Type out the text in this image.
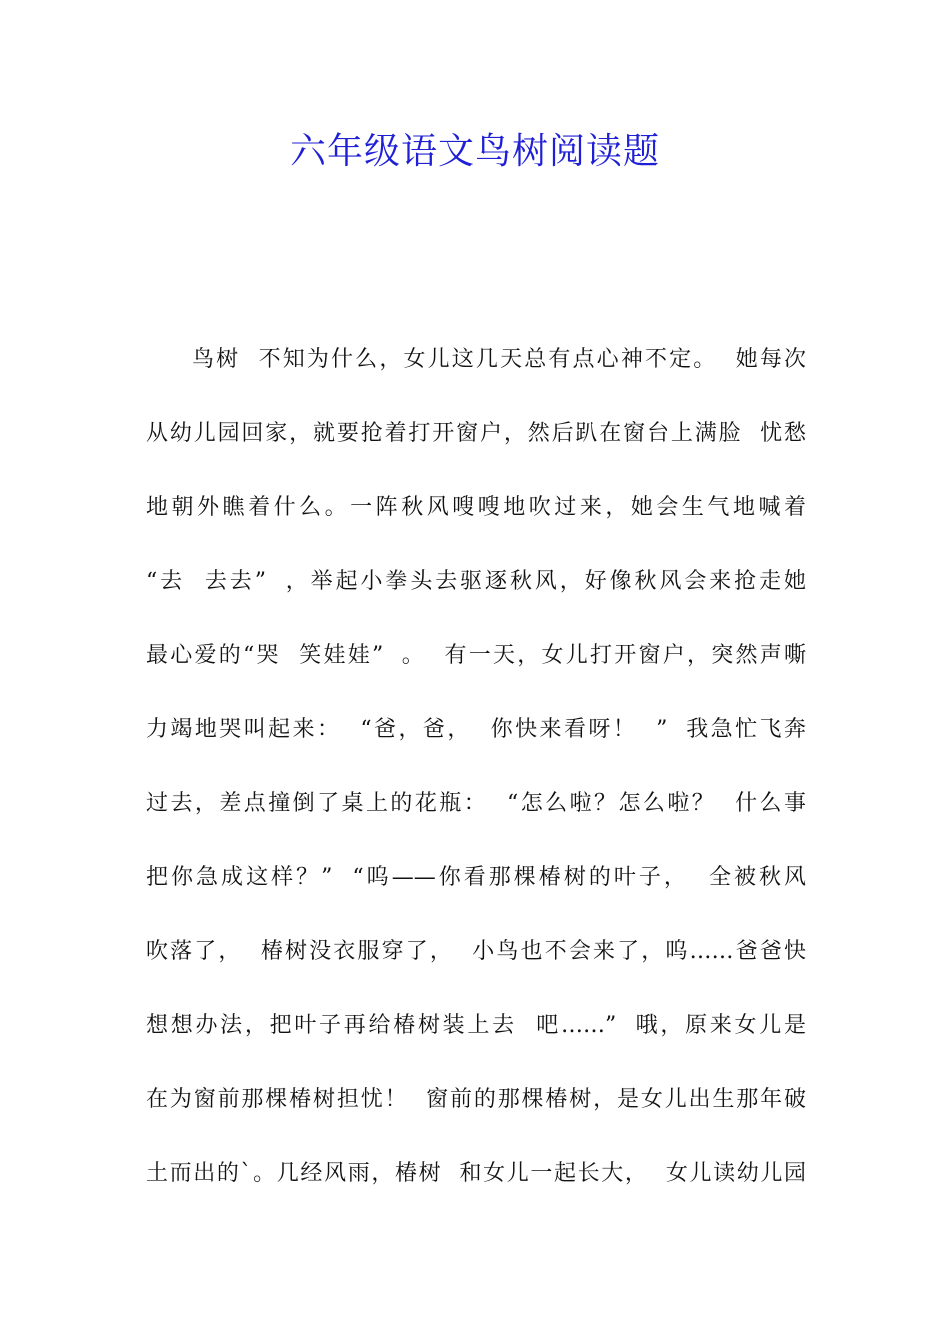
六年级语文鸟树阅读题
鸟树  不知为什么，女儿这几天总有点心神不定。  她每次
从幼儿园回家，就要抢着打开窗户，然后趴在窗台上满脸  忧愁
地朝外瞧着什么。一阵秋风嗖嗖地吹过来，她会生气地喊着
“去  去去”  ，举起小拳头去驱逐秋风，好像秋风会来抢走她
最心爱的“哭  笑娃娃”  。  有一天，女儿打开窗户，突然声嘶
力竭地哭叫起来：  “爸，爸，  你快来看呀！  ”  我急忙飞奔
过去，差点撞倒了桌上的花瓶：  “怎么啦？怎么啦？  什么事
把你急成这样？”  “呜——你看那棵椿树的叶子，  全被秋风
吹落了，  椿树没衣服穿了，  小鸟也不会来了，呜……爸爸快
想想办法，把叶子再给椿树装上去  吧……”  哦，原来女儿是
在为窗前那棵椿树担忧！  窗前的那棵椿树，是女儿出生那年破
土而出的`。几经风雨，椿树  和女儿一起长大，  女儿读幼儿园
